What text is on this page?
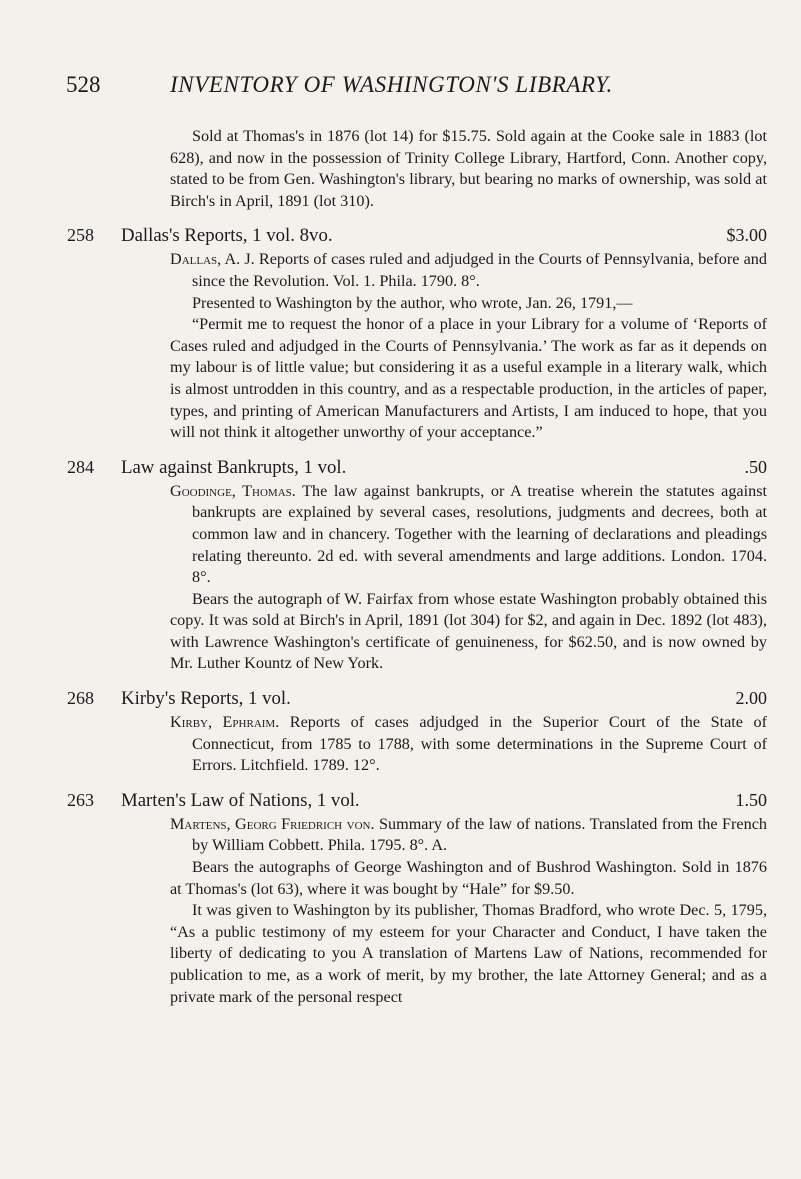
528	INVENTORY OF WASHINGTON'S LIBRARY.

Sold at Thomas's in 1876 (lot 14) for $15.75. Sold again at the Cooke sale in 1883 (lot 628), and now in the possession of Trinity College Library, Hartford, Conn. Another copy, stated to be from Gen. Washington's library, but bearing no marks of ownership, was sold at Birch's in April, 1891 (lot 310).

258	Dallas's Reports, 1 vol. 8vo.	$3.00

Dallas, A. J. Reports of cases ruled and adjudged in the Courts of Pennsylvania, before and since the Revolution. Vol. 1. Phila. 1790. 8°.

Presented to Washington by the author, who wrote, Jan. 26, 1791,—

“Permit me to request the honor of a place in your Library for a volume of ‘Reports of Cases ruled and adjudged in the Courts of Pennsylvania.’ The work as far as it depends on my labour is of little value; but considering it as a useful example in a literary walk, which is almost untrodden in this country, and as a respectable production, in the articles of paper, types, and printing of American Manufacturers and Artists, I am induced to hope, that you will not think it altogether unworthy of your acceptance.”

284	Law against Bankrupts, 1 vol.	.50

Goodinge, Thomas. The law against bankrupts, or A treatise wherein the statutes against bankrupts are explained by several cases, resolutions, judgments and decrees, both at common law and in chancery. Together with the learning of declarations and pleadings relating thereunto. 2d ed. with several amendments and large additions. London. 1704. 8°.

Bears the autograph of W. Fairfax from whose estate Washington probably obtained this copy. It was sold at Birch's in April, 1891 (lot 304) for $2, and again in Dec. 1892 (lot 483), with Lawrence Washington's certificate of genuineness, for $62.50, and is now owned by Mr. Luther Kountz of New York.

268	Kirby's Reports, 1 vol.	2.00

Kirby, Ephraim. Reports of cases adjudged in the Superior Court of the State of Connecticut, from 1785 to 1788, with some determinations in the Supreme Court of Errors. Litchfield. 1789. 12°.

263	Marten's Law of Nations, 1 vol.	1.50

Martens, Georg Friedrich von. Summary of the law of nations. Translated from the French by William Cobbett. Phila. 1795. 8°. A.

Bears the autographs of George Washington and of Bushrod Washington. Sold in 1876 at Thomas's (lot 63), where it was bought by “Hale” for $9.50.

It was given to Washington by its publisher, Thomas Bradford, who wrote Dec. 5, 1795, “As a public testimony of my esteem for your Character and Conduct, I have taken the liberty of dedicating to you A translation of Martens Law of Nations, recommended for publication to me, as a work of merit, by my brother, the late Attorney General; and as a private mark of the personal respect
